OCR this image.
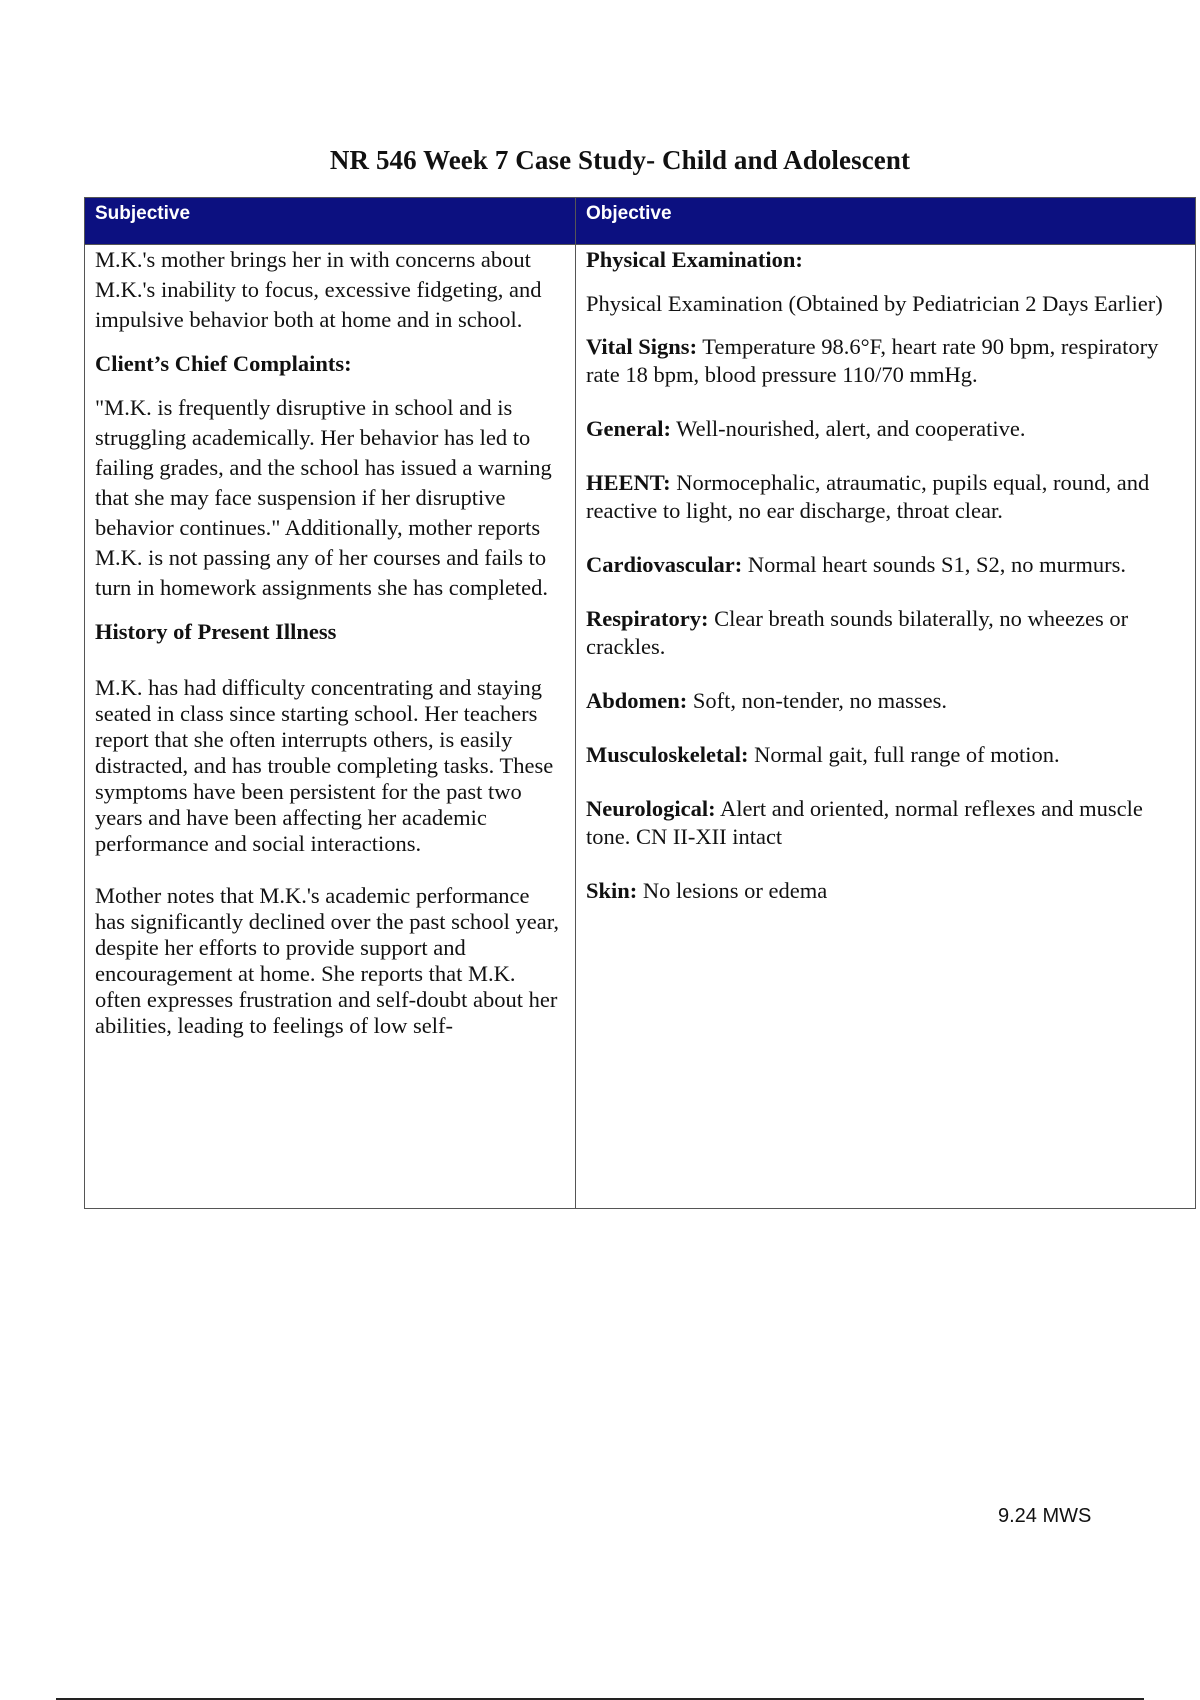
NR 546 Week 7 Case Study- Child and Adolescent
Subjective	Objective

M.K.'s mother brings her in with concerns about M.K.'s inability to focus, excessive fidgeting, and impulsive behavior both at home and in school.

Client’s Chief Complaints:

"M.K. is frequently disruptive in school and is struggling academically. Her behavior has led to failing grades, and the school has issued a warning that she may face suspension if her disruptive behavior continues." Additionally, mother reports M.K. is not passing any of her courses and fails to turn in homework assignments she has completed.

History of Present Illness

M.K. has had difficulty concentrating and staying seated in class since starting school. Her teachers report that she often interrupts others, is easily distracted, and has trouble completing tasks. These symptoms have been persistent for the past two years and have been affecting her academic performance and social interactions.

Mother notes that M.K.'s academic performance has significantly declined over the past school year, despite her efforts to provide support and encouragement at home. She reports that M.K. often expresses frustration and self-doubt about her abilities, leading to feelings of low self-

Physical Examination:

Physical Examination (Obtained by Pediatrician 2 Days Earlier)

Vital Signs: Temperature 98.6°F, heart rate 90 bpm, respiratory rate 18 bpm, blood pressure 110/70 mmHg.

General: Well-nourished, alert, and cooperative.

HEENT: Normocephalic, atraumatic, pupils equal, round, and reactive to light, no ear discharge, throat clear.

Cardiovascular: Normal heart sounds S1, S2, no murmurs.

Respiratory: Clear breath sounds bilaterally, no wheezes or crackles.

Abdomen: Soft, non-tender, no masses.

Musculoskeletal: Normal gait, full range of motion.

Neurological: Alert and oriented, normal reflexes and muscle tone. CN II-XII intact

Skin: No lesions or edema

9.24 MWS
